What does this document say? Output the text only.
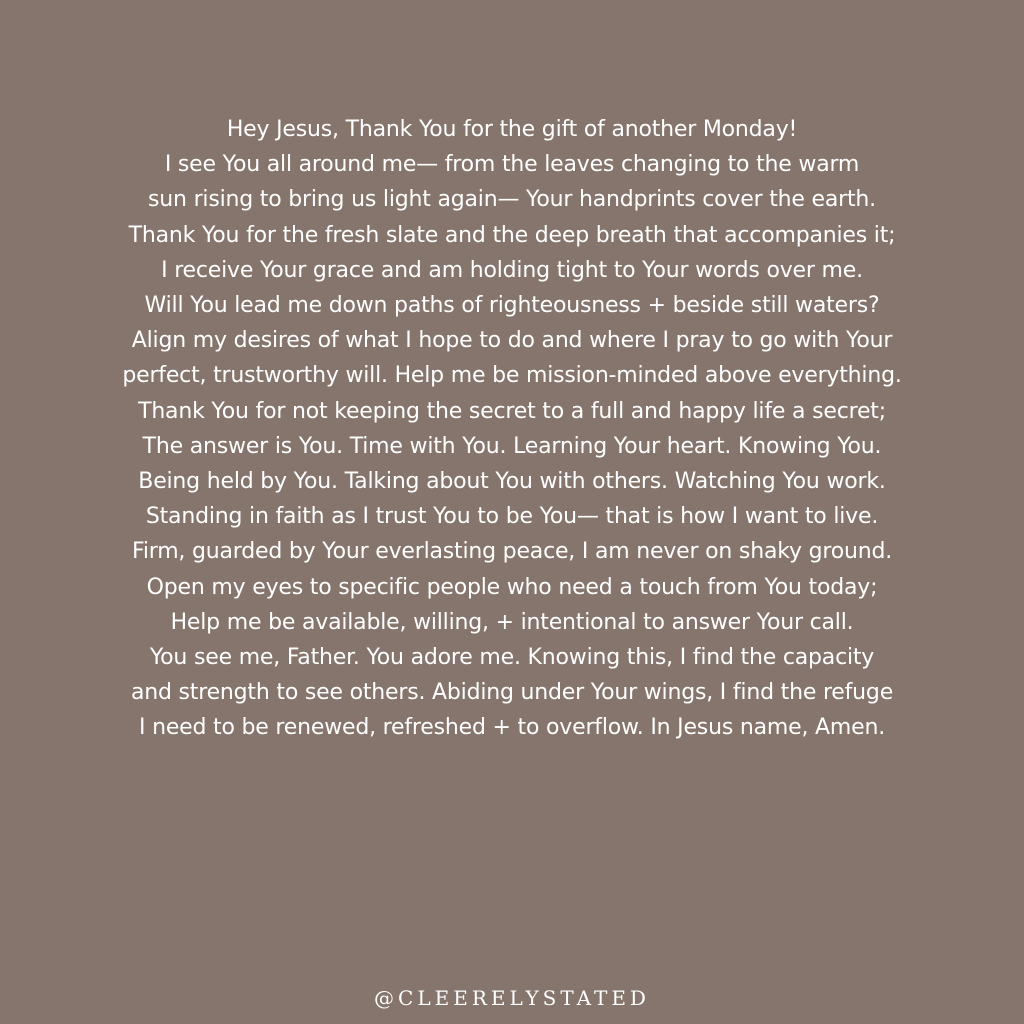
Hey Jesus, Thank You for the gift of another Monday!
I see You all around me— from the leaves changing to the warm
sun rising to bring us light again— Your handprints cover the earth.
Thank You for the fresh slate and the deep breath that accompanies it;
I receive Your grace and am holding tight to Your words over me.
Will You lead me down paths of righteousness + beside still waters?
Align my desires of what I hope to do and where I pray to go with Your
perfect, trustworthy will. Help me be mission-minded above everything.
Thank You for not keeping the secret to a full and happy life a secret;
The answer is You. Time with You. Learning Your heart. Knowing You.
Being held by You. Talking about You with others. Watching You work.
Standing in faith as I trust You to be You— that is how I want to live.
Firm, guarded by Your everlasting peace, I am never on shaky ground.
Open my eyes to specific people who need a touch from You today;
Help me be available, willing, + intentional to answer Your call.
You see me, Father. You adore me. Knowing this, I find the capacity
and strength to see others. Abiding under Your wings, I find the refuge
I need to be renewed, refreshed + to overflow. In Jesus name, Amen.
@CLEERELYSTATED
